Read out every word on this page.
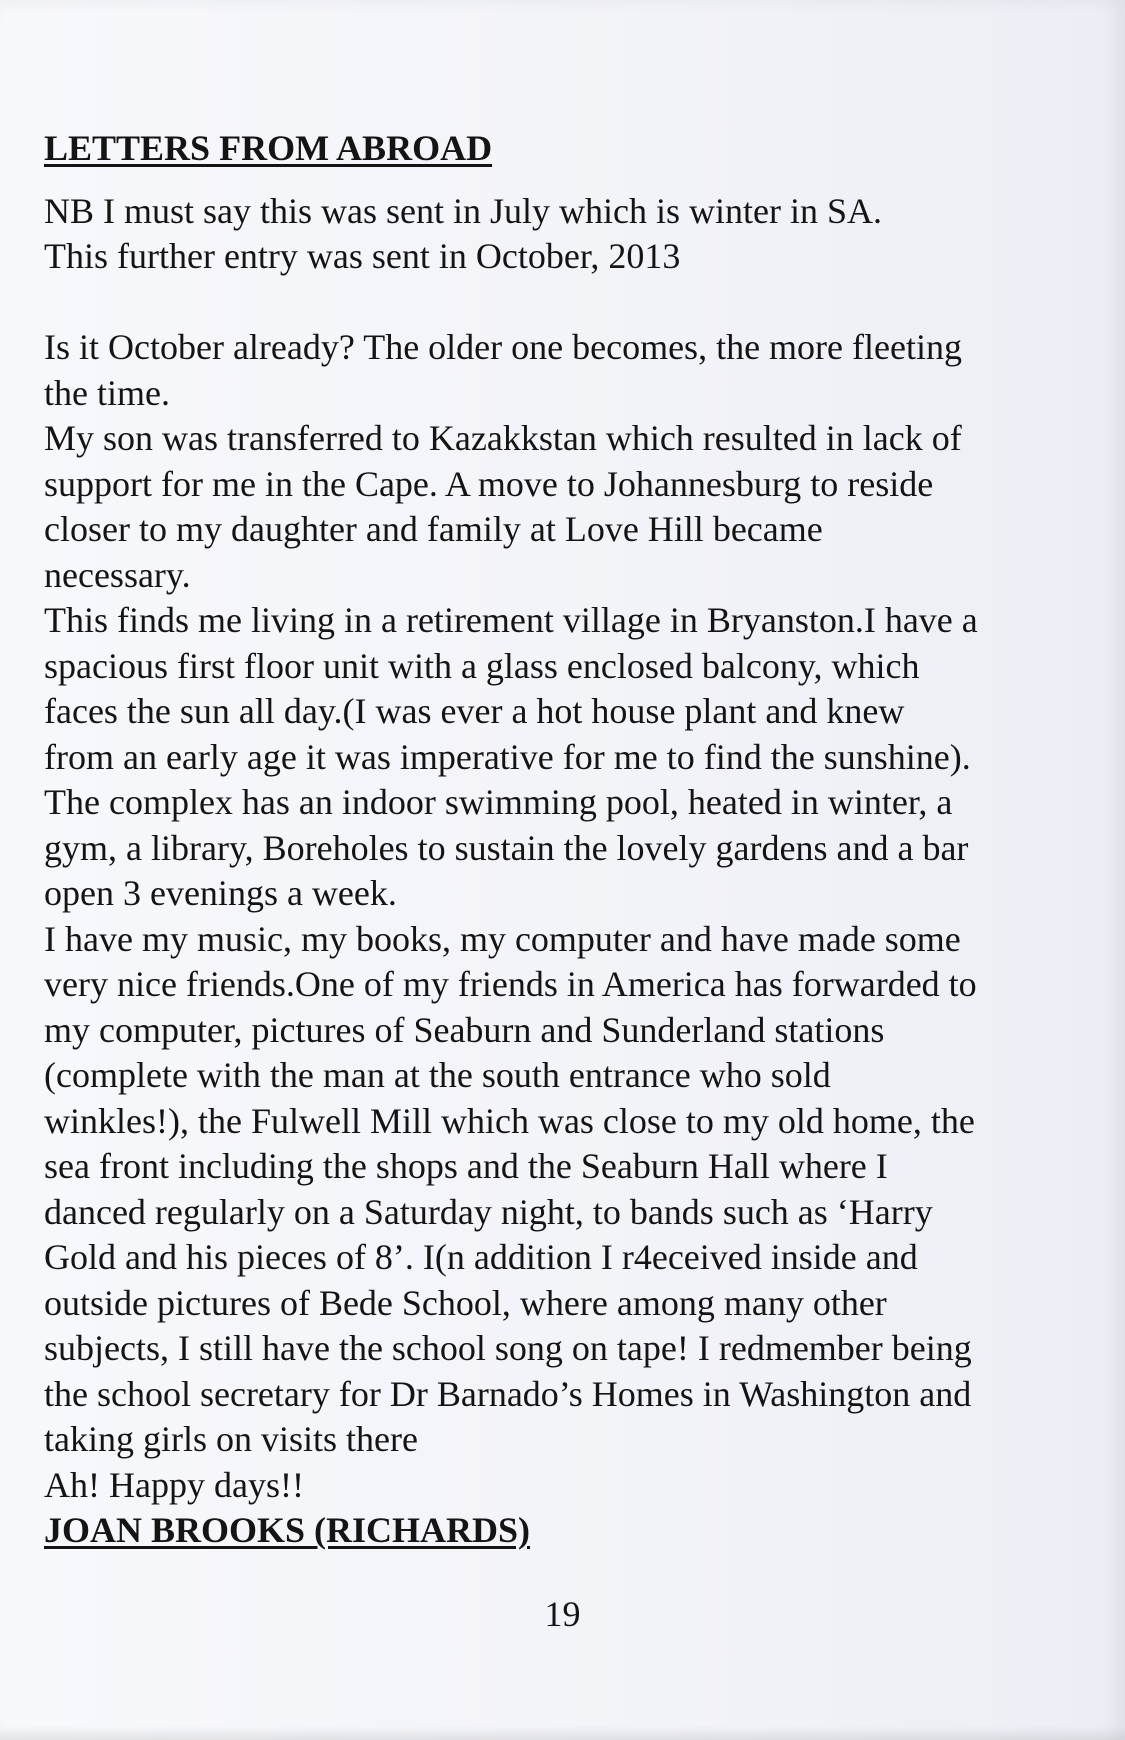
LETTERS FROM ABROAD
NB I must say this was sent in July which is winter in SA.
This further entry was sent in October, 2013
Is it October already? The older one becomes, the more fleeting
the time.
My son was transferred to Kazakkstan which resulted in lack of
support for me in the Cape. A move to Johannesburg to reside
closer to my daughter and family at Love Hill became
necessary.
This finds me living in a retirement village in Bryanston.I have a
spacious first floor unit with a glass enclosed balcony, which
faces the sun all day.(I was ever a hot house plant and knew
from an early age it was imperative for me to find the sunshine).
The complex has an indoor swimming pool, heated in winter, a
gym, a library, Boreholes to sustain the lovely gardens and a bar
open 3 evenings a week.
I have my music, my books, my computer and have made some
very nice friends.One of my friends in America has forwarded to
my computer, pictures of Seaburn and Sunderland stations
(complete with the man at the south entrance who sold
winkles!), the Fulwell Mill which was close to my old home, the
sea front including the shops and the Seaburn Hall where I
danced regularly on a Saturday night, to bands such as ‘Harry
Gold and his pieces of 8’. I(n addition I r4eceived inside and
outside pictures of Bede School, where among many other
subjects, I still have the school song on tape! I redmember being
the school secretary for Dr Barnado’s Homes in Washington and
taking girls on visits there
Ah! Happy days!!
JOAN BROOKS (RICHARDS)
19
